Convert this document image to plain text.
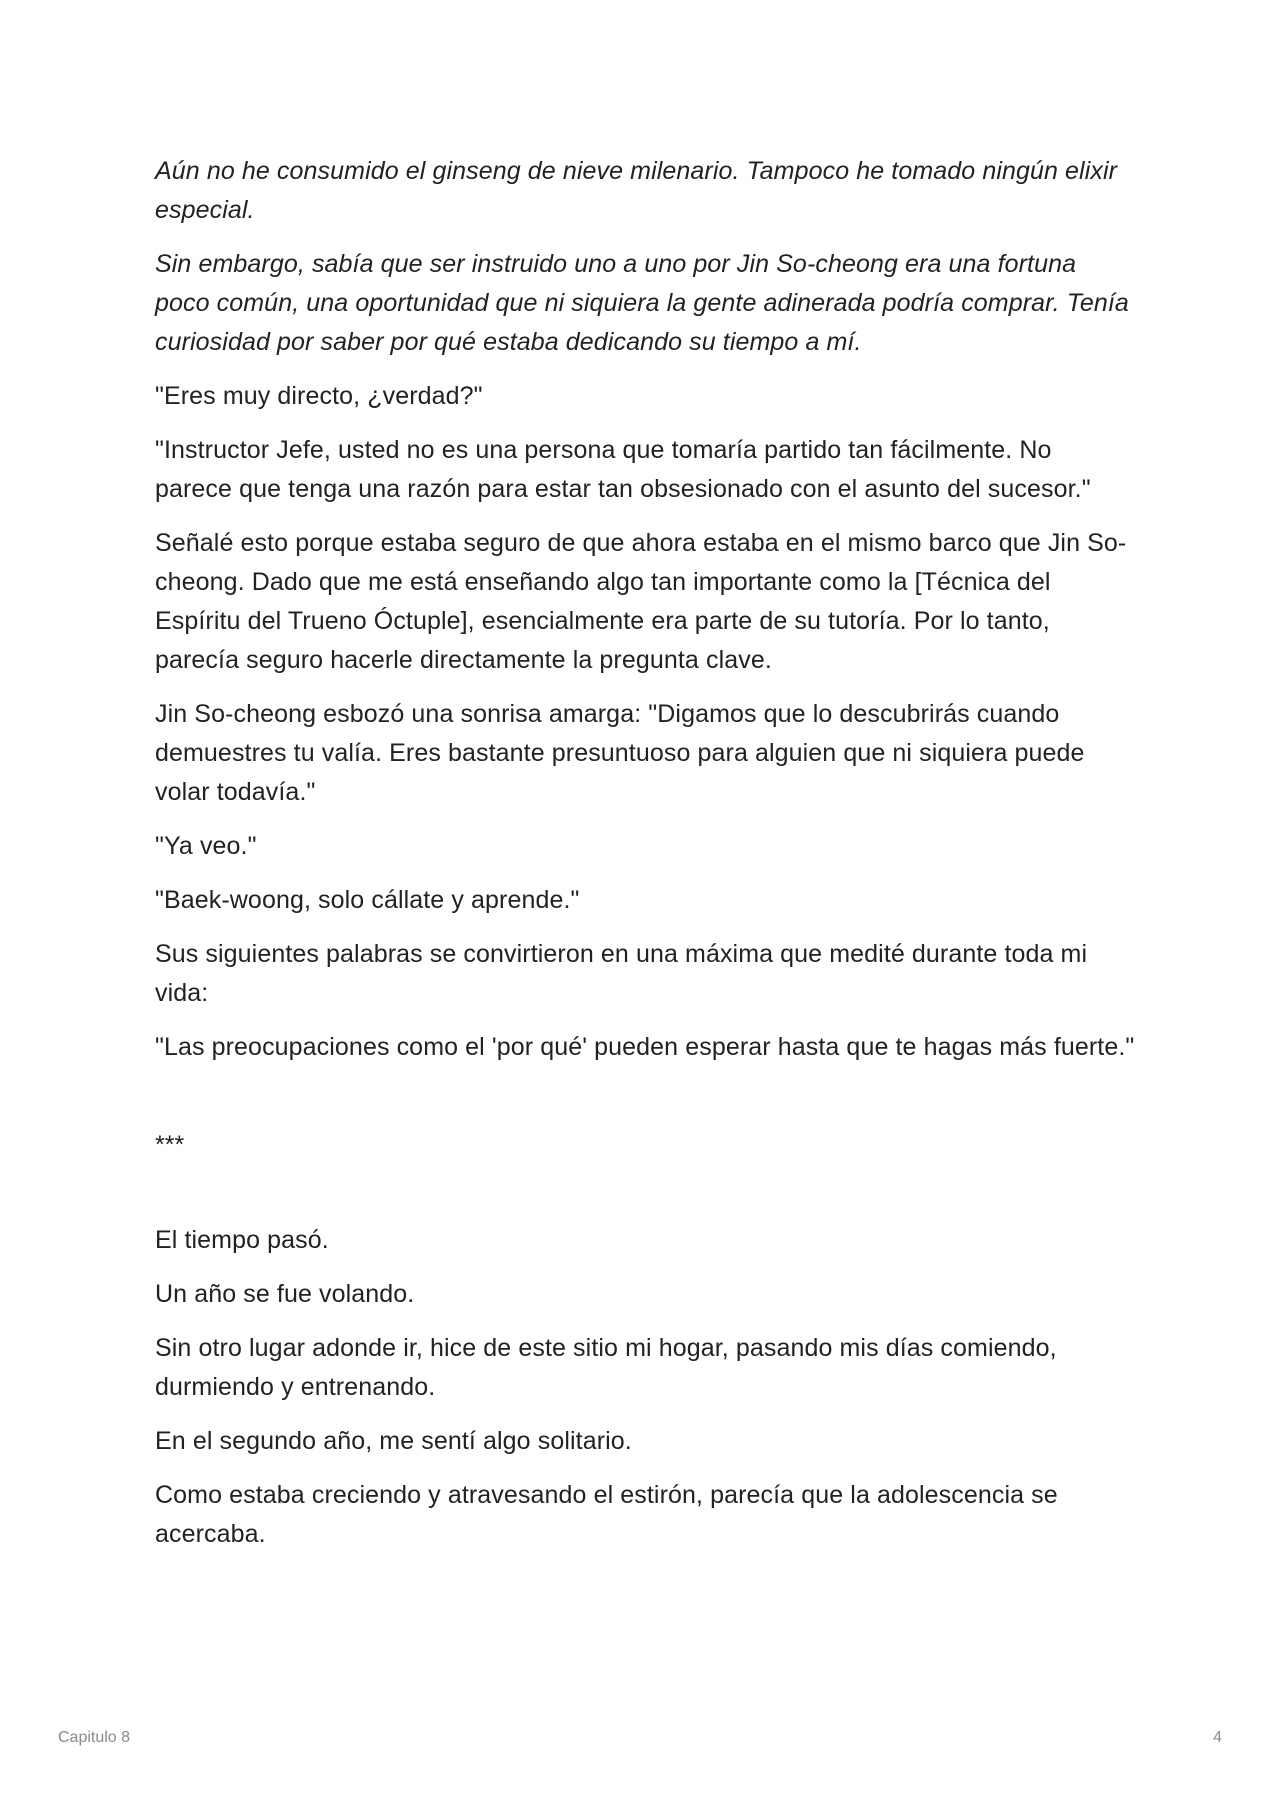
Aún no he consumido el ginseng de nieve milenario. Tampoco he tomado ningún elixir especial.

Sin embargo, sabía que ser instruido uno a uno por Jin So-cheong era una fortuna poco común, una oportunidad que ni siquiera la gente adinerada podría comprar. Tenía curiosidad por saber por qué estaba dedicando su tiempo a mí.

"Eres muy directo, ¿verdad?"

"Instructor Jefe, usted no es una persona que tomaría partido tan fácilmente. No parece que tenga una razón para estar tan obsesionado con el asunto del sucesor."

Señalé esto porque estaba seguro de que ahora estaba en el mismo barco que Jin So-cheong. Dado que me está enseñando algo tan importante como la [Técnica del Espíritu del Trueno Óctuple], esencialmente era parte de su tutoría. Por lo tanto, parecía seguro hacerle directamente la pregunta clave.

Jin So-cheong esbozó una sonrisa amarga: "Digamos que lo descubrirás cuando demuestres tu valía. Eres bastante presuntuoso para alguien que ni siquiera puede volar todavía."

"Ya veo."

"Baek-woong, solo cállate y aprende."

Sus siguientes palabras se convirtieron en una máxima que medité durante toda mi vida:

"Las preocupaciones como el 'por qué' pueden esperar hasta que te hagas más fuerte."

***

El tiempo pasó.

Un año se fue volando.

Sin otro lugar adonde ir, hice de este sitio mi hogar, pasando mis días comiendo, durmiendo y entrenando.

En el segundo año, me sentí algo solitario.

Como estaba creciendo y atravesando el estirón, parecía que la adolescencia se acercaba.

Capitulo 8	4
